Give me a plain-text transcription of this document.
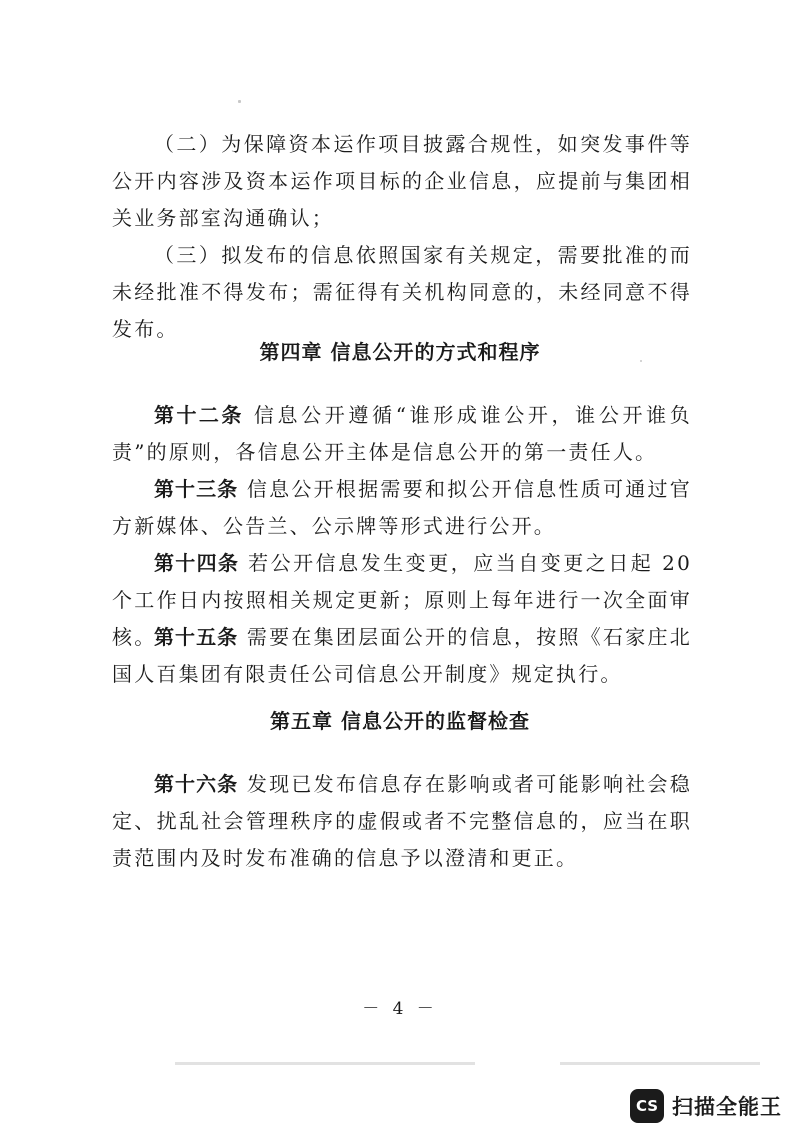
（二）为保障资本运作项目披露合规性，如突发事件等公开内容涉及资本运作项目标的企业信息，应提前与集团相关业务部室沟通确认；

（三）拟发布的信息依照国家有关规定，需要批准的而未经批准不得发布；需征得有关机构同意的，未经同意不得发布。

第四章 信息公开的方式和程序

第十二条 信息公开遵循“谁形成谁公开，谁公开谁负责”的原则，各信息公开主体是信息公开的第一责任人。

第十三条 信息公开根据需要和拟公开信息性质可通过官方新媒体、公告兰、公示牌等形式进行公开。

第十四条 若公开信息发生变更，应当自变更之日起 20 个工作日内按照相关规定更新；原则上每年进行一次全面审核。

第十五条 需要在集团层面公开的信息，按照《石家庄北国人百集团有限责任公司信息公开制度》规定执行。

第五章 信息公开的监督检查

第十六条 发现已发布信息存在影响或者可能影响社会稳定、扰乱社会管理秩序的虚假或者不完整信息的，应当在职责范围内及时发布准确的信息予以澄清和更正。

－ 4 －
CS 扫描全能王
